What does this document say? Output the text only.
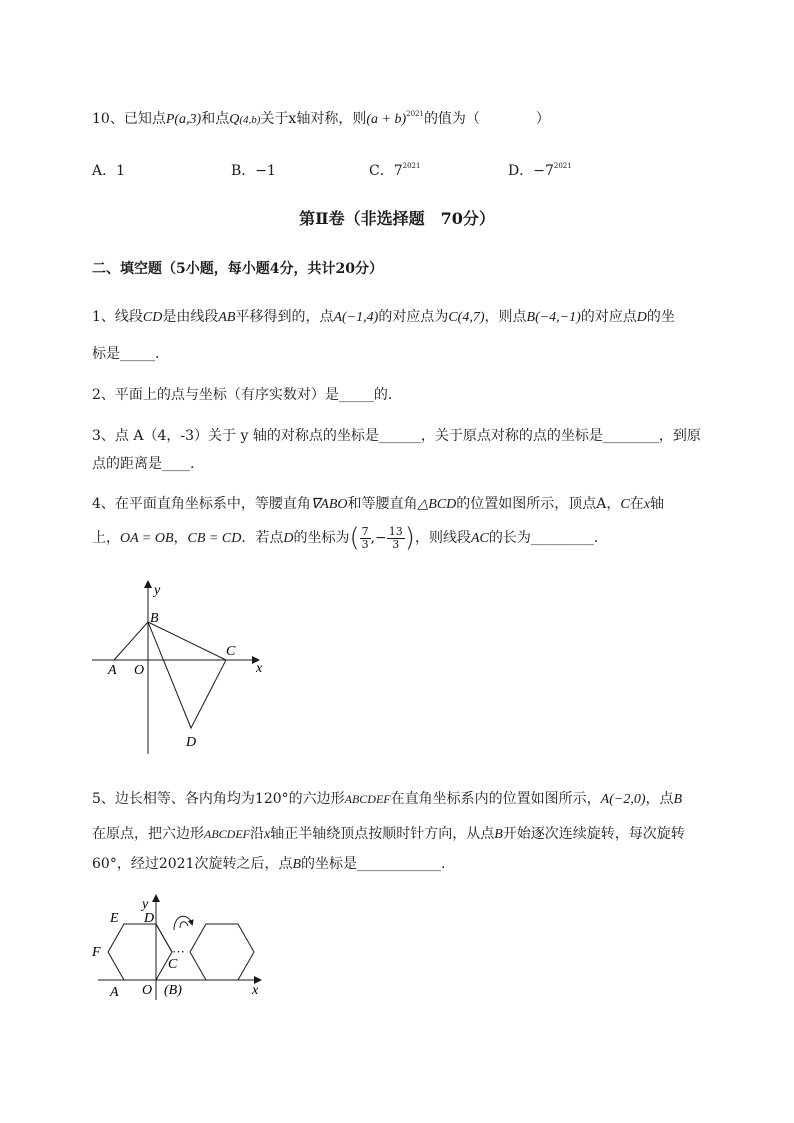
10、已知点P(a,3)和点Q(4,b)关于x轴对称，则$(a + b)^{2021}$的值为（　　　　）
A．1	B．−1	C．$7^{2021}$	D．$-7^{2021}$
第Ⅱ卷（非选择题　70分）
二、填空题（5小题，每小题4分，共计20分）
1、线段CD是由线段AB平移得到的，点A(−1,4)的对应点为C(4,7)，则点B(−4,−1)的对应点D的坐
标是_____.
2、平面上的点与坐标（有序实数对）是_____的．
3、点 A（4，-3）关于 y 轴的对称点的坐标是______，关于原点对称的点的坐标是________，到原
点的距离是____.
4、在平面直角坐标系中，等腰直角∇ABO和等腰直角△BCD的位置如图所示，顶点A，C在x轴
上，OA = OB，CB = CD．若点D的坐标为( $\frac{7}{3}$ ,− $\frac{13}{3}$ )，则线段AC的长为_________.
y
x
B
C
A O
D
5、边长相等、各内角均为120°的六边形ABCDEF在直角坐标系内的位置如图所示，A(−2,0)，点B
在原点，把六边形ABCDEF沿x轴正半轴绕顶点按顺时针方向，从点B开始逐次连续旋转，每次旋转
60°，经过2021次旋转之后，点B的坐标是____________.
···
y
x
E D
F
C
A O (B)
